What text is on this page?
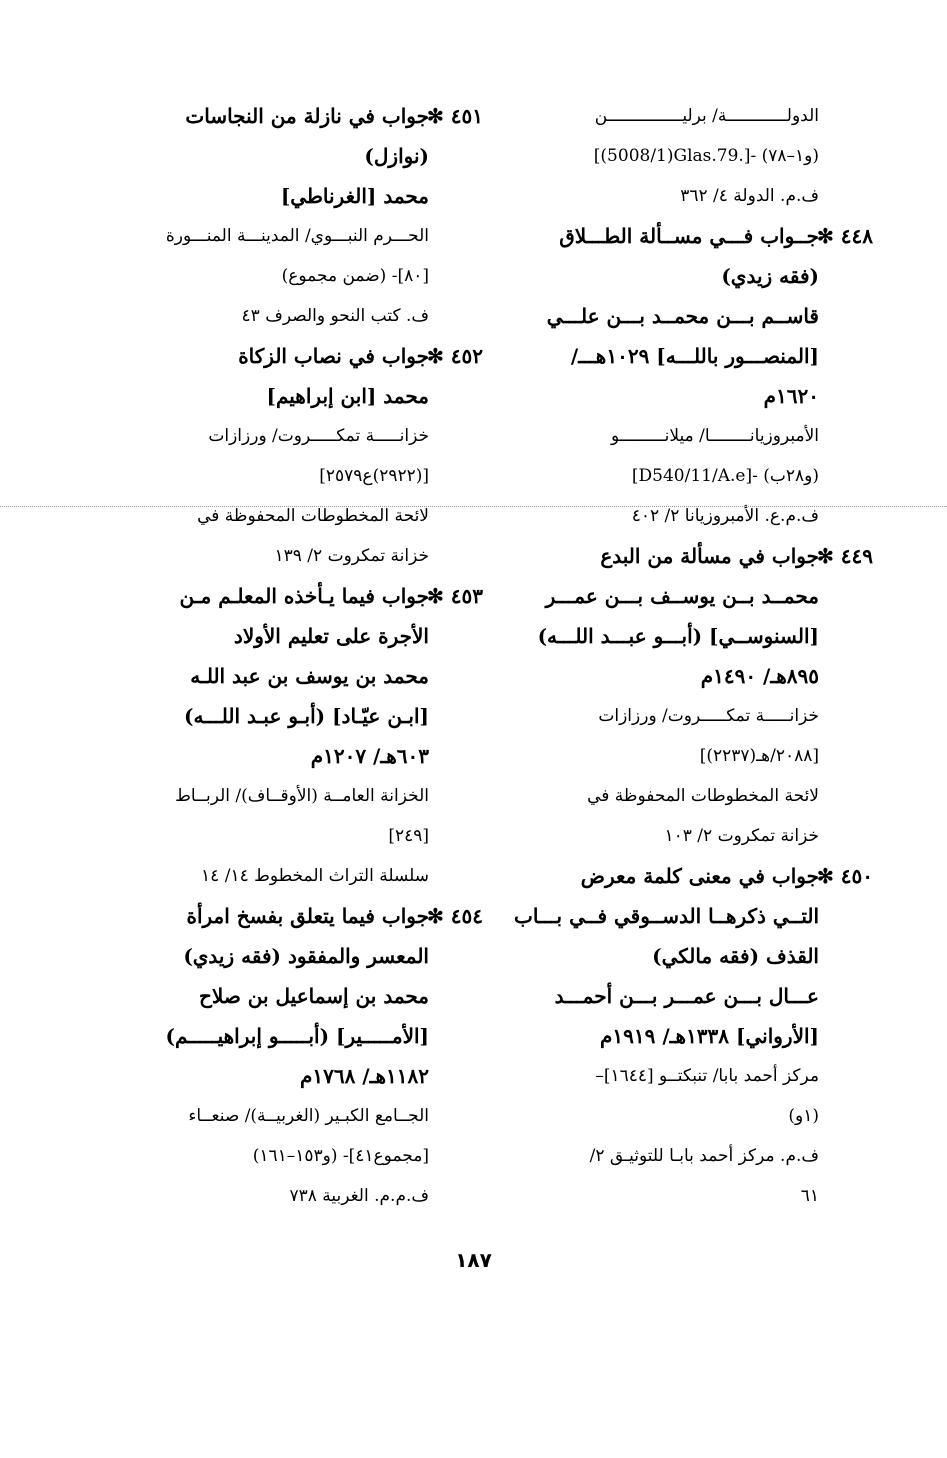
الدولــــــــــــة/ برليـــــــــــــــن
[(5008/1)Glas.79.]- (و١–٧٨)
ف.م. الدولة ٤/ ٣٦٢
٤٤٨ ✻
جــواب فـــي مســألة الطـــلاق
(فقه زيدي)
قاســم بـــن محمــد بـــن علـــي
[المنصـــور باللـــه] ١٠٢٩هـــ/
١٦٢٠م
الأمبروزيانــــــــا/ ميلانـــــــــو
[D540/11/A.e]- (و٢٨ب)
ف.م.ع. الأمبروزيانا ٢/ ٤٠٢
٤٤٩ ✻
جواب في مسألة من البدع
محمــد بــن يوســف بـــن عمـــر
[السنوســي] (أبـــو عبـــد اللـــه)
٨٩٥هـ/ ١٤٩٠م
خزانـــــة تمكـــــروت/ ورزازات
[٢٠٨٨/هـ(٢٢٣٧)]
لائحة المخطوطات المحفوظة في
خزانة تمكروت ٢/ ١٠٣
٤٥٠ ✻
جواب في معنى كلمة معرض
التــي ذكرهــا الدســوقي فــي بـــاب
القذف (فقه مالكي)
عـــال بـــن عمـــر بـــن أحمـــد
[الأرواني] ١٣٣٨هـ/ ١٩١٩م
مركز أحمد بابا/ تنبكتــو [١٦٤٤]–
(١و)
ف.م. مركز أحمد بابـا للتوثيـق ٢/
٦١
٤٥١ ✻
جواب في نازلة من النجاسات
(نوازل)
محمد [الغرناطي]
الحـــرم النبـــوي/ المدينـــة المنـــورة
[٨٠]- (ضمن مجموع)
ف. كتب النحو والصرف ٤٣
٤٥٢ ✻
جواب في نصاب الزكاة
محمد [ابن إبراهيم]
خزانـــــة تمكـــــروت/ ورزازات
[(٢٩٢٢)ع٢٥٧٩]
لائحة المخطوطات المحفوظة في
خزانة تمكروت ٢/ ١٣٩
٤٥٣ ✻
جواب فيما يـأخذه المعلـم مـن
الأجرة على تعليم الأولاد
محمد بن يوسف بن عبد اللـه
[ابـن عيّـاد] (أبـو عبـد اللـــه)
٦٠٣هـ/ ١٢٠٧م
الخزانة العامــة (الأوقــاف)/ الربــاط
[٢٤٩]
سلسلة التراث المخطوط ١٤/ ١٤
٤٥٤ ✻
جواب فيما يتعلق بفسخ امرأة
المعسر والمفقود (فقه زيدي)
محمد بن إسماعيل بن صلاح
[الأمـــــير] (أبـــــو إبراهيـــــم)
١١٨٢هـ/ ١٧٦٨م
الجــامع الكبـير (الغربيــة)/ صنعــاء
[مجموع٤١]- (و١٥٣–١٦١)
ف.م.م. الغربية ٧٣٨
١٨٧
